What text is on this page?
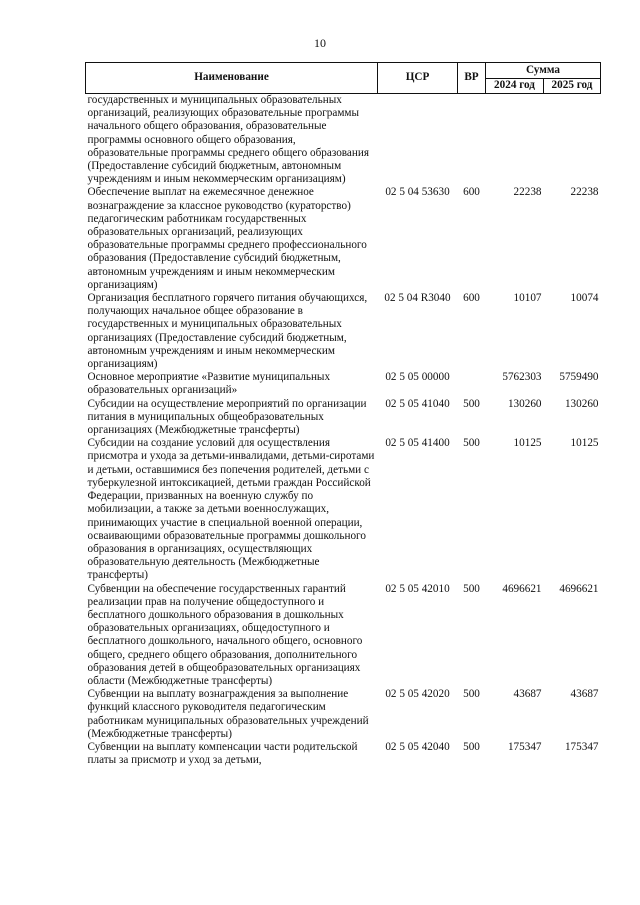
10
Наименование	ЦСР	ВР	Сумма	
			2024 год	2025 год
государственных и муниципальных образовательных организаций, реализующих образовательные программы начального общего образования, образовательные программы основного общего образования, образовательные программы среднего общего образования (Предоставление субсидий бюджетным, автономным учреждениям и иным некоммерческим организациям)				
Обеспечение выплат на ежемесячное денежное вознаграждение за классное руководство (кураторство) педагогическим работникам государственных образовательных организаций, реализующих образовательные программы среднего профессионального образования (Предоставление субсидий бюджетным, автономным учреждениям и иным некоммерческим организациям)	02 5 04 53630	600	22238	22238
Организация бесплатного горячего питания обучающихся, получающих начальное общее образование в государственных и муниципальных образовательных организациях (Предоставление субсидий бюджетным, автономным учреждениям и иным некоммерческим организациям)	02 5 04 R3040	600	10107	10074
Основное мероприятие «Развитие муниципальных образовательных организаций»	02 5 05 00000		5762303	5759490
Субсидии на осуществление мероприятий по организации питания в муниципальных общеобразовательных организациях (Межбюджетные трансферты)	02 5 05 41040	500	130260	130260
Субсидии на создание условий для осуществления присмотра и ухода за детьми-инвалидами, детьми-сиротами и детьми, оставшимися без попечения родителей, детьми с туберкулезной интоксикацией, детьми граждан Российской Федерации, призванных на военную службу по мобилизации, а также за детьми военнослужащих, принимающих участие в специальной военной операции, осваивающими образовательные программы дошкольного образования в организациях, осуществляющих образовательную деятельность (Межбюджетные трансферты)	02 5 05 41400	500	10125	10125
Субвенции на обеспечение государственных гарантий реализации прав на получение общедоступного и бесплатного дошкольного образования в дошкольных образовательных организациях, общедоступного и бесплатного дошкольного, начального общего, основного общего, среднего общего образования, дополнительного образования детей в общеобразовательных организациях области (Межбюджетные трансферты)	02 5 05 42010	500	4696621	4696621
Субвенции на выплату вознаграждения за выполнение функций классного руководителя педагогическим работникам муниципальных образовательных учреждений (Межбюджетные трансферты)	02 5 05 42020	500	43687	43687
Субвенции на выплату компенсации части родительской платы за присмотр и уход за детьми,	02 5 05 42040	500	175347	175347
